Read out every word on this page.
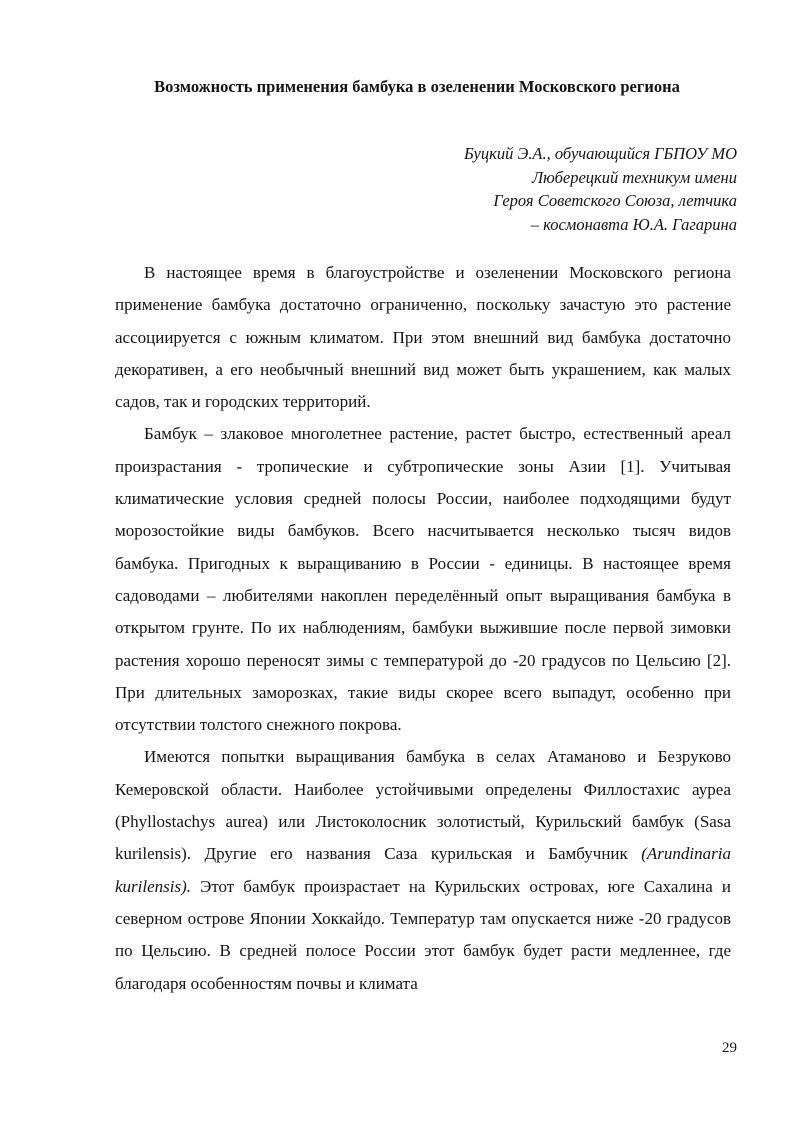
Возможность применения бамбука в озеленении Московского региона
Буцкий Э.А., обучающийся ГБПОУ МО
Люберецкий техникум имени
Героя Советского Союза, летчика
– космонавта Ю.А. Гагарина

В настоящее время в благоустройстве и озеленении Московского региона применение бамбука достаточно ограниченно, поскольку зачастую это растение ассоциируется с южным климатом. При этом внешний вид бамбука достаточно декоративен, а его необычный внешний вид может быть украшением, как малых садов, так и городских территорий.

Бамбук – злаковое многолетнее растение, растет быстро, естественный ареал произрастания - тропические и субтропические зоны Азии [1]. Учитывая климатические условия средней полосы России, наиболее подходящими будут морозостойкие виды бамбуков. Всего насчитывается несколько тысяч видов бамбука. Пригодных к выращиванию в России - единицы. В настоящее время садоводами – любителями накоплен переделённый опыт выращивания бамбука в открытом грунте. По их наблюдениям, бамбуки выжившие после первой зимовки растения хорошо переносят зимы с температурой до -20 градусов по Цельсию [2]. При длительных заморозках, такие виды скорее всего выпадут, особенно при отсутствии толстого снежного покрова.

Имеются попытки выращивания бамбука в селах Атаманово и Безруково Кемеровской области. Наиболее устойчивыми определены Филлостахис ауреа (Phyllostachys aurea) или Листоколосник золотистый, Курильский бамбук (Sasa kurilensis). Другие его названия Саза курильская и Бамбучник (Arundinaria kurilensis). Этот бамбук произрастает на Курильских островах, юге Сахалина и северном острове Японии Хоккайдо. Температур там опускается ниже -20 градусов по Цельсию. В средней полосе России этот бамбук будет расти медленнее, где благодаря особенностям почвы и климата

29
